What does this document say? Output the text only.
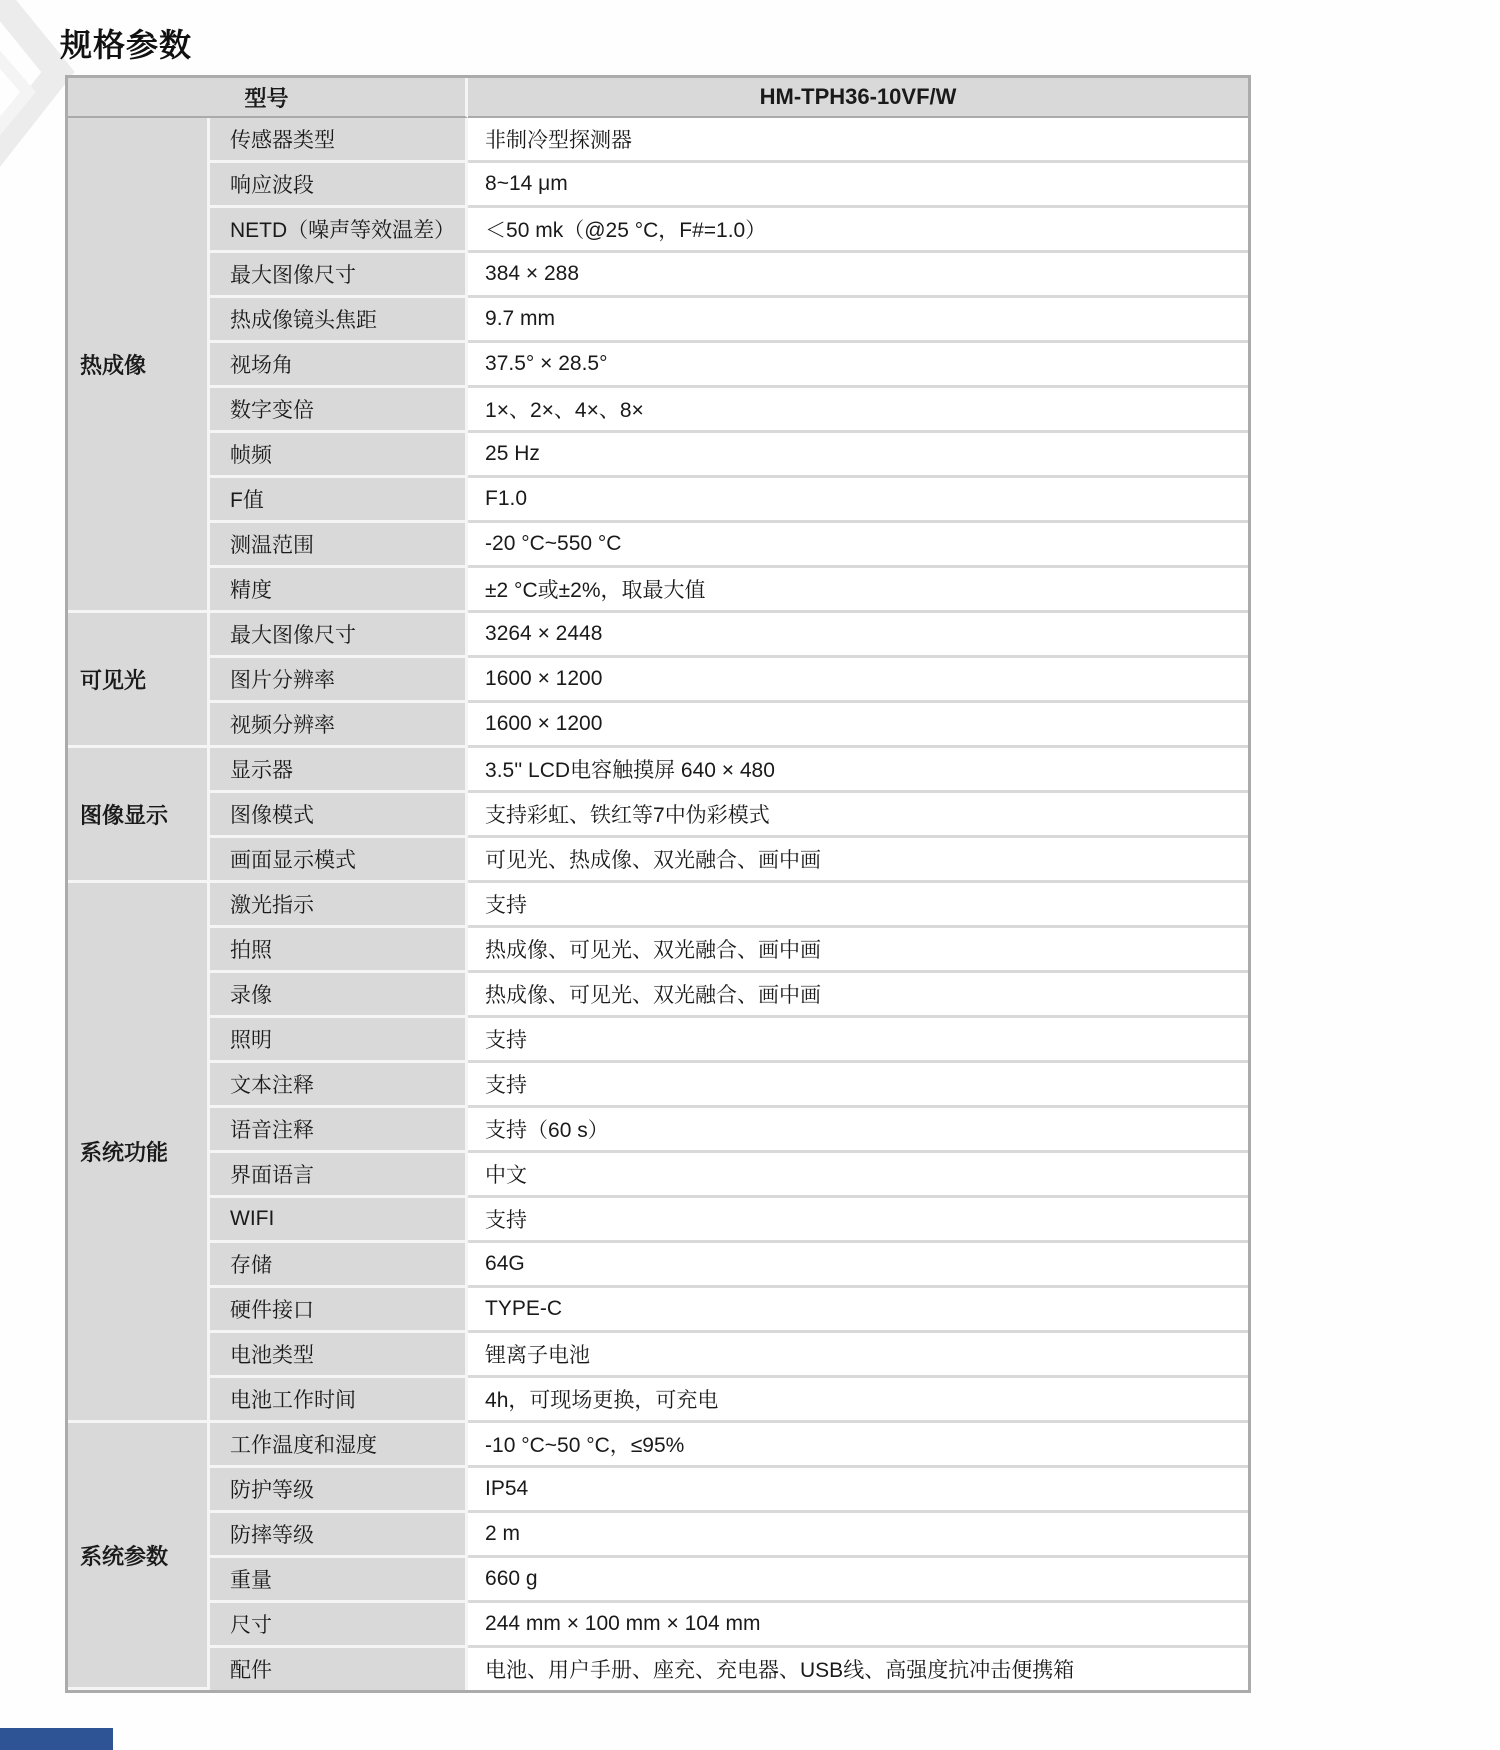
规格参数
型号		HM-TPH36-10VF/W
热成像	传感器类型	非制冷型探测器
	响应波段	8~14 μm
	NETD（噪声等效温差）	＜50 mk（@25 °C，F#=1.0）
	最大图像尺寸	384 × 288
	热成像镜头焦距	9.7 mm
	视场角	37.5° × 28.5°
	数字变倍	1×、2×、4×、8×
	帧频	25 Hz
	F值	F1.0
	测温范围	-20 °C~550 °C
	精度	±2 °C或±2%，取最大值
可见光	最大图像尺寸	3264 × 2448
	图片分辨率	1600 × 1200
	视频分辨率	1600 × 1200
图像显示	显示器	3.5'' LCD电容触摸屏 640 × 480
	图像模式	支持彩虹、铁红等7中伪彩模式
	画面显示模式	可见光、热成像、双光融合、画中画
系统功能	激光指示	支持
	拍照	热成像、可见光、双光融合、画中画
	录像	热成像、可见光、双光融合、画中画
	照明	支持
	文本注释	支持
	语音注释	支持（60 s）
	界面语言	中文
	WIFI	支持
	存储	64G
	硬件接口	TYPE-C
	电池类型	锂离子电池
	电池工作时间	4h，可现场更换，可充电
系统参数	工作温度和湿度	-10 °C~50 °C，≤95%
	防护等级	IP54
	防摔等级	2 m
	重量	660 g
	尺寸	244 mm × 100 mm × 104 mm
	配件	电池、用户手册、座充、充电器、USB线、高强度抗冲击便携箱
